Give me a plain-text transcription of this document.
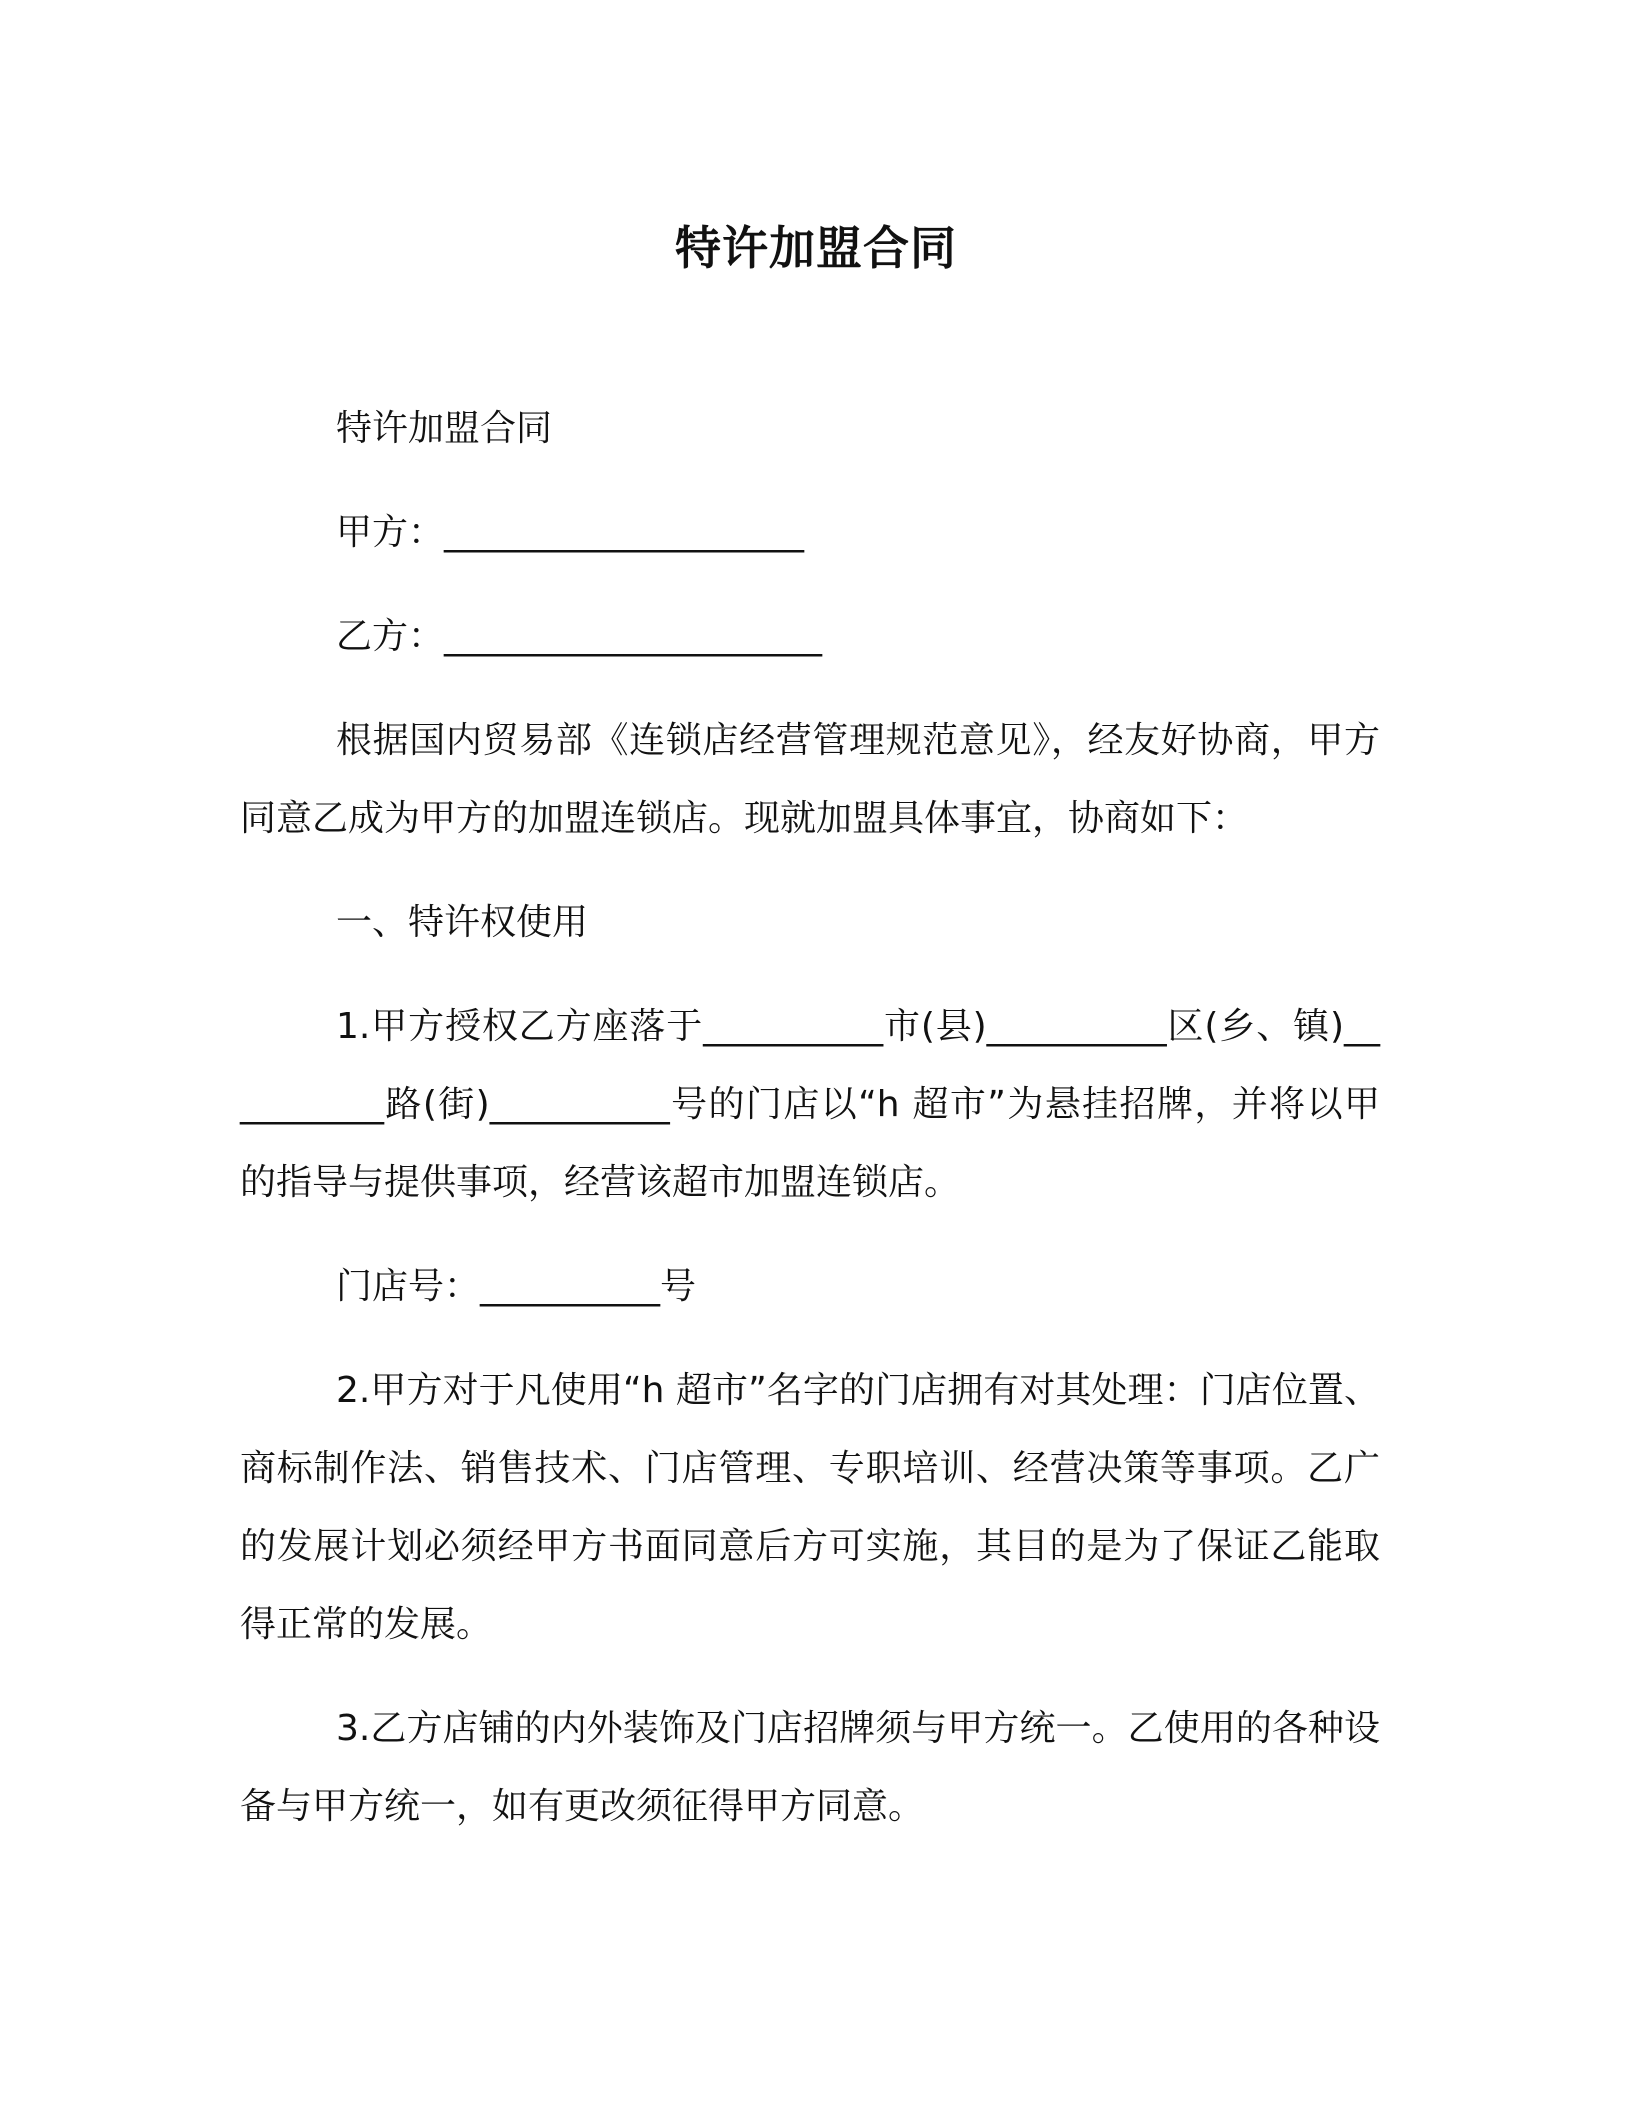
特许加盟合同
特许加盟合同
甲方：____________________
乙方：_____________________

根据国内贸易部《连锁店经营管理规范意见》，经友好协商，甲方同意乙成为甲方的加盟连锁店。现就加盟具体事宜，协商如下：

一、特许权使用

1.甲方授权乙方座落于__________市(县)__________区(乡、镇)__________路(街)__________号的门店以“h 超市”为悬挂招牌，并将以甲的指导与提供事项，经营该超市加盟连锁店。

门店号：__________号

2.甲方对于凡使用“h 超市”名字的门店拥有对其处理：门店位置、商标制作法、销售技术、门店管理、专职培训、经营决策等事项。乙广的发展计划必须经甲方书面同意后方可实施，其目的是为了保证乙能取得正常的发展。

3.乙方店铺的内外装饰及门店招牌须与甲方统一。乙使用的各种设备与甲方统一，如有更改须征得甲方同意。
